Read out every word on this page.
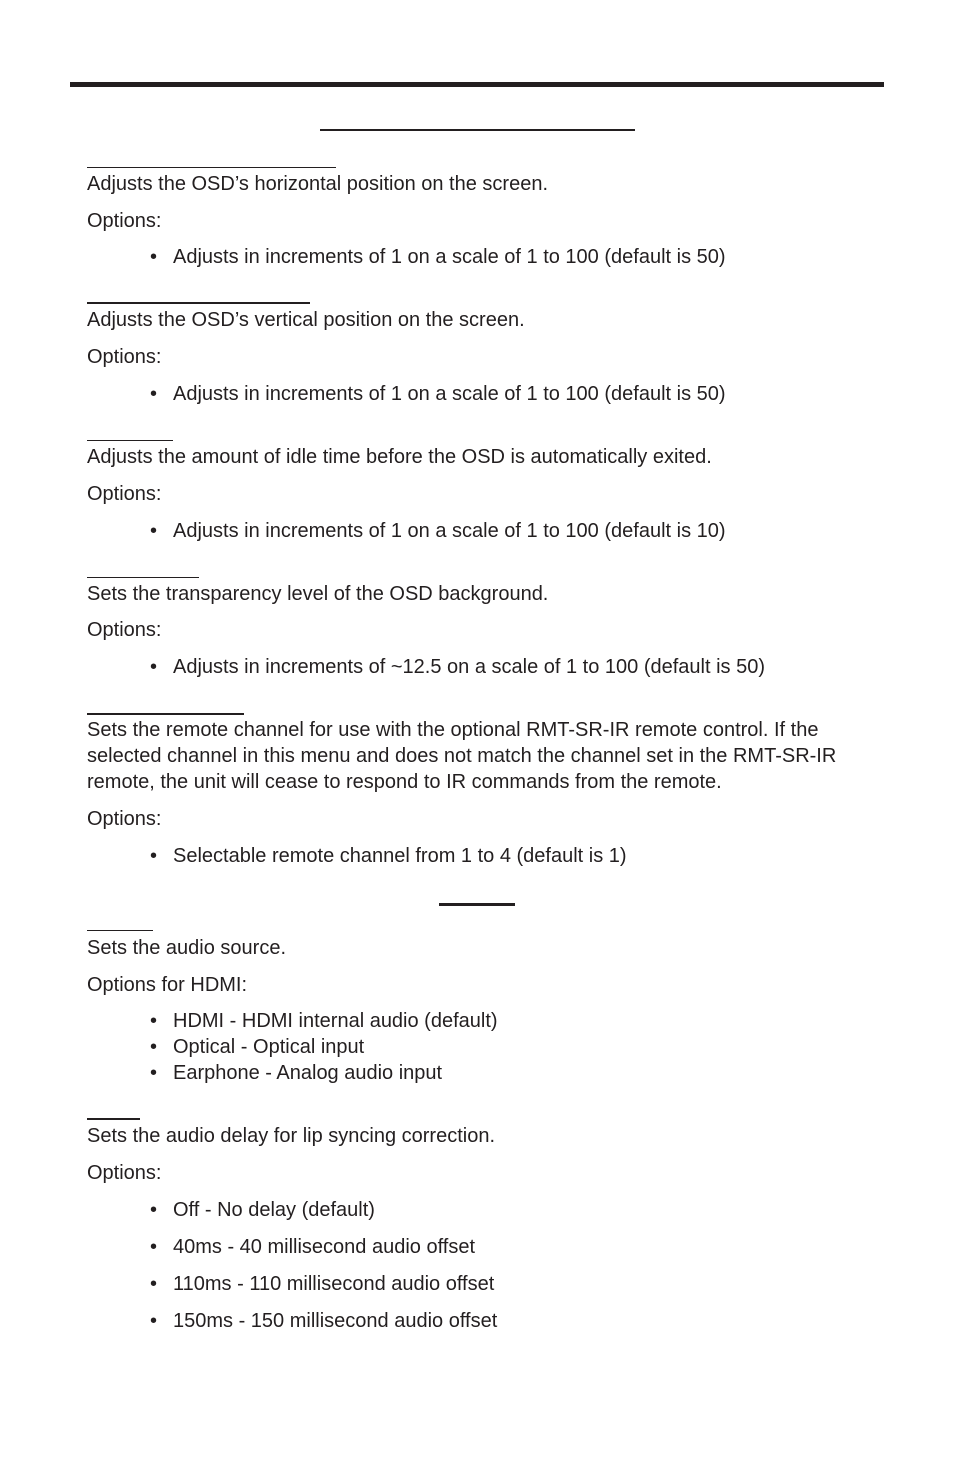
Adjusts the OSD’s horizontal position on the screen.
Options:
• Adjusts in increments of 1 on a scale of 1 to 100 (default is 50)
Adjusts the OSD’s vertical position on the screen.
Options:
• Adjusts in increments of 1 on a scale of 1 to 100 (default is 50)
Adjusts the amount of idle time before the OSD is automatically exited.
Options:
• Adjusts in increments of 1 on a scale of 1 to 100 (default is 10)
Sets the transparency level of the OSD background.
Options:
• Adjusts in increments of ~12.5 on a scale of 1 to 100 (default is 50)
Sets the remote channel for use with the optional RMT-SR-IR remote control. If the selected channel in this menu and does not match the channel set in the RMT-SR-IR remote, the unit will cease to respond to IR commands from the remote.
Options:
• Selectable remote channel from 1 to 4 (default is 1)
Sets the audio source.
Options for HDMI:
• HDMI - HDMI internal audio (default)
• Optical - Optical input
• Earphone - Analog audio input
Sets the audio delay for lip syncing correction.
Options:
• Off - No delay (default)
• 40ms - 40 millisecond audio offset
• 110ms - 110 millisecond audio offset
• 150ms - 150 millisecond audio offset
